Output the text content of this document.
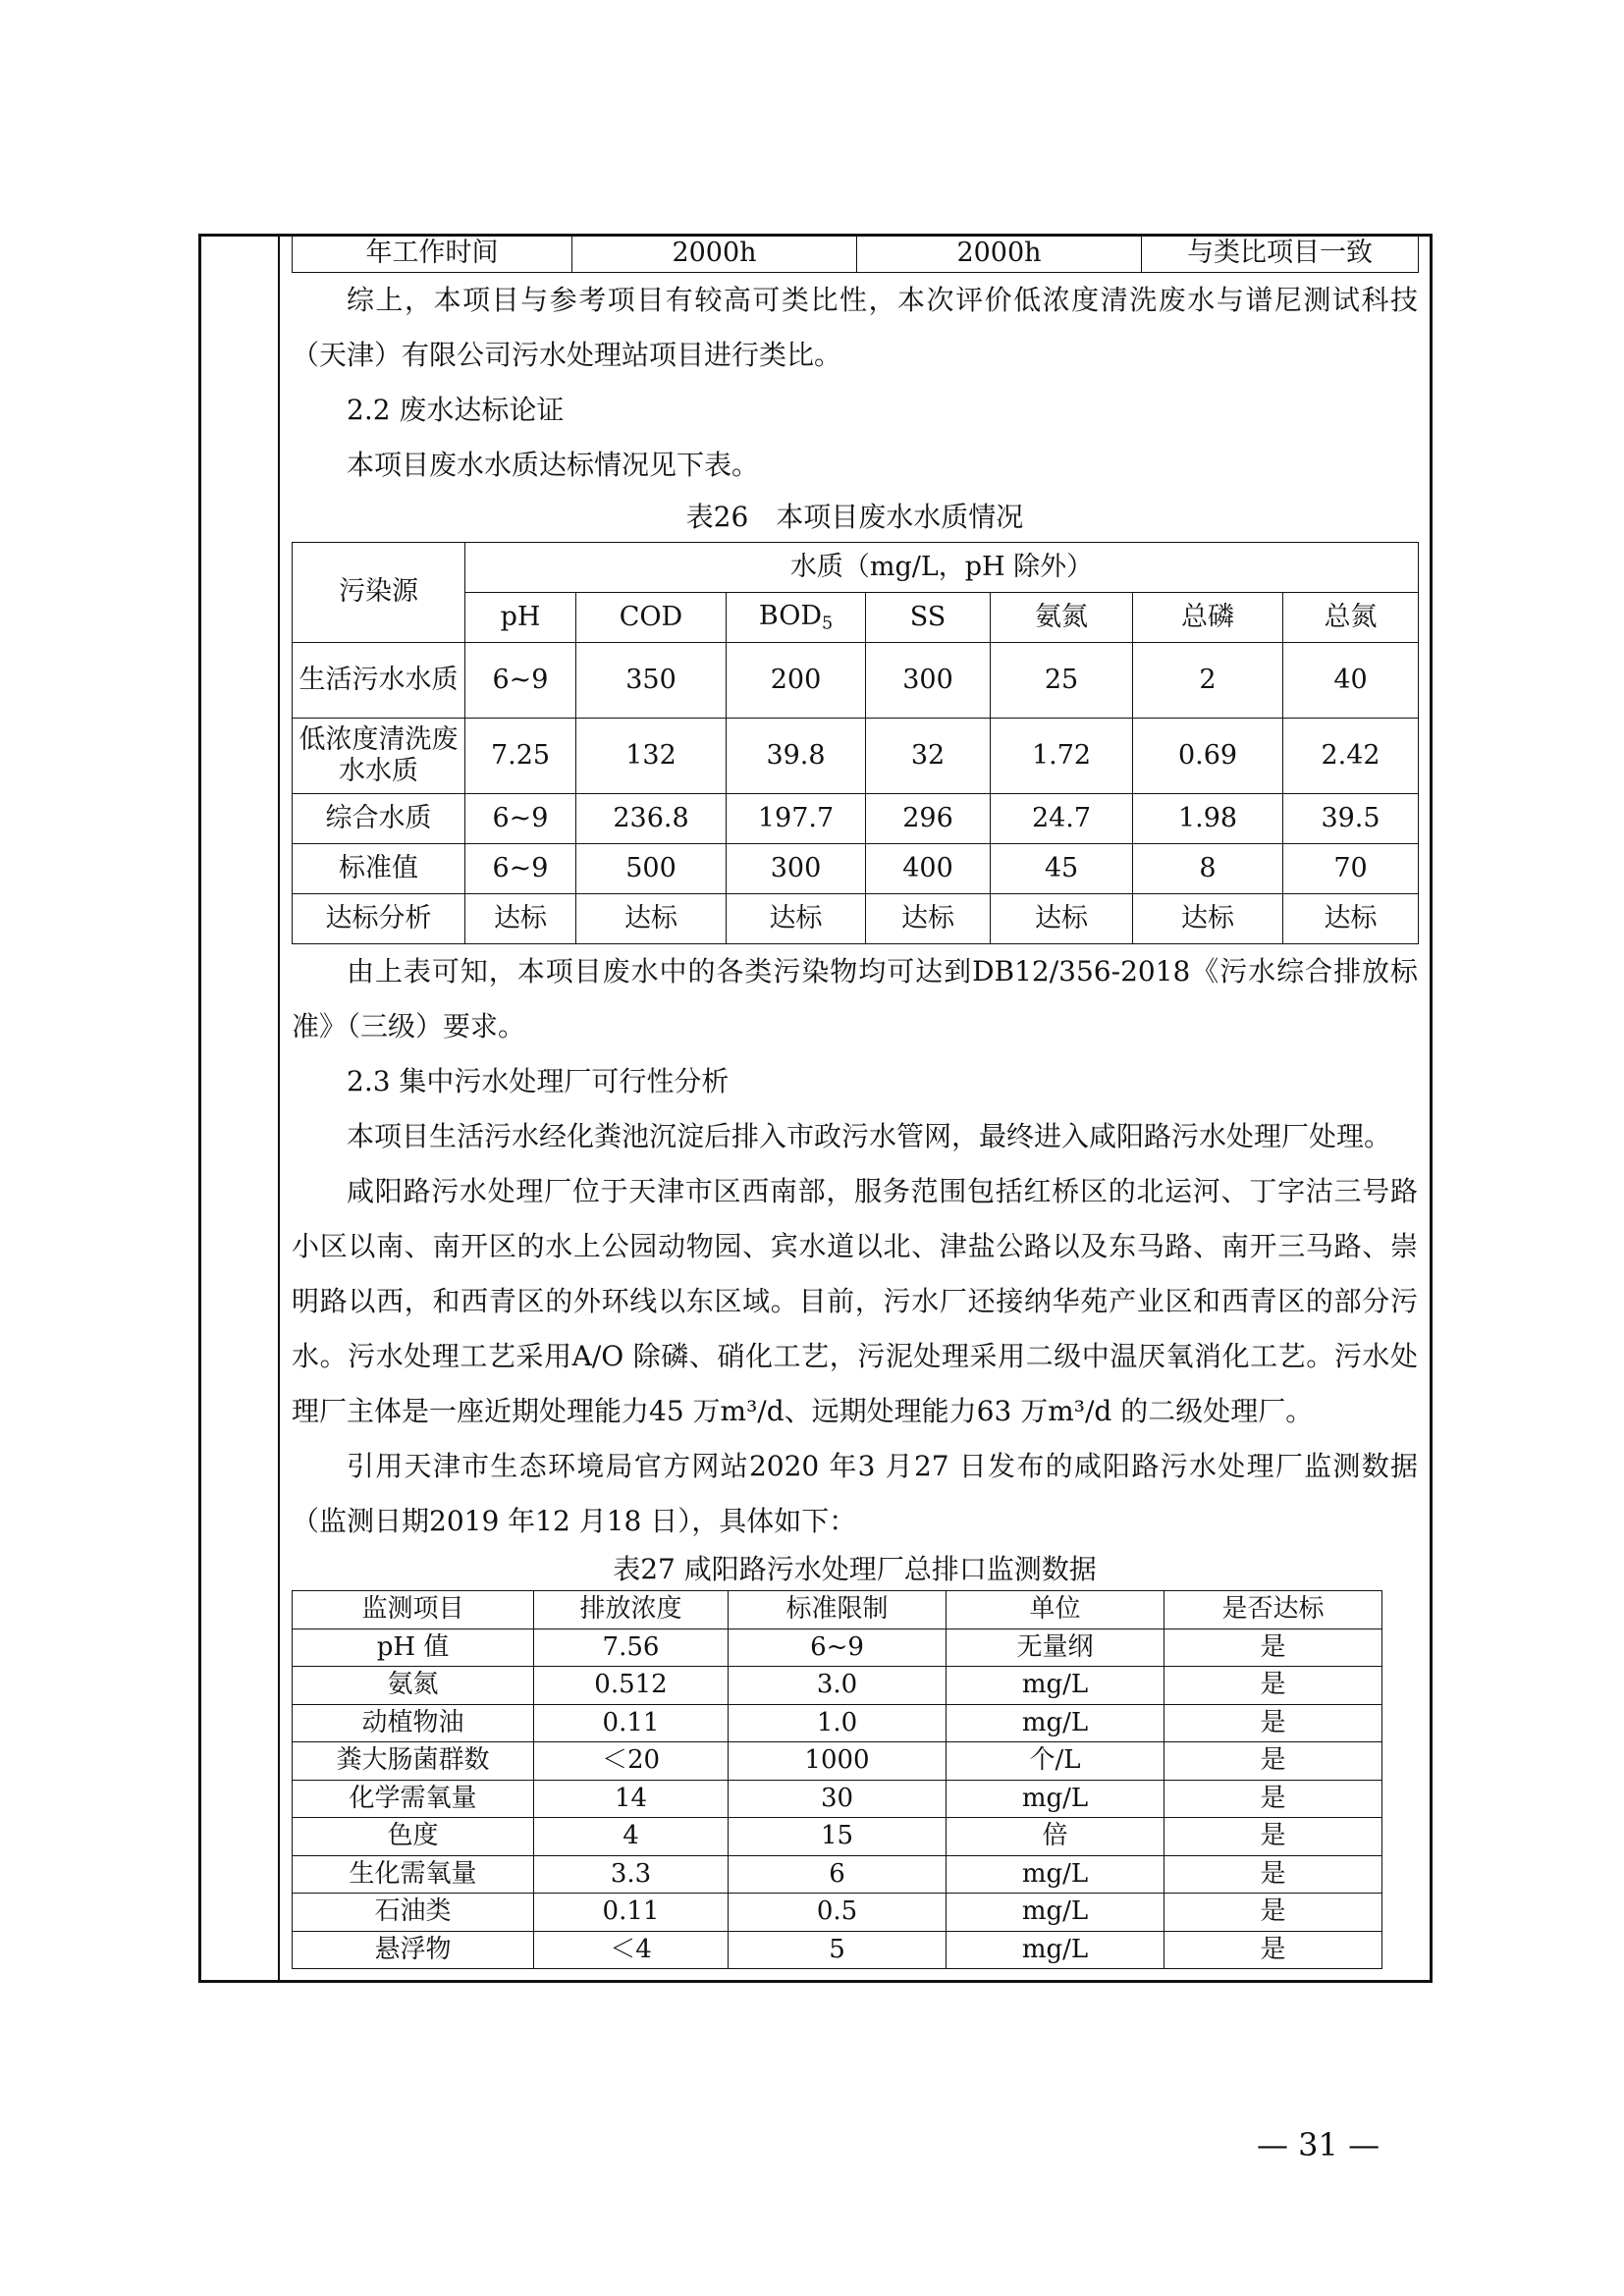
年工作时间	2000h	2000h	与类比项目一致

综上，本项目与参考项目有较高可类比性，本次评价低浓度清洗废水与谱尼测试科技（天津）有限公司污水处理站项目进行类比。

2.2 废水达标论证

本项目废水水质达标情况见下表。

表26　本项目废水水质情况

污染源	水质（mg/L，pH 除外）						
	pH	COD	$BOD_5$	SS	氨氮	总磷	总氮
生活污水水质	6~9	350	200	300	25	2	40
低浓度清洗废水水质	7.25	132	39.8	32	1.72	0.69	2.42
综合水质	6~9	236.8	197.7	296	24.7	1.98	39.5
标准值	6~9	500	300	400	45	8	70
达标分析	达标	达标	达标	达标	达标	达标	达标

由上表可知，本项目废水中的各类污染物均可达到DB12/356-2018《污水综合排放标准》（三级）要求。

2.3 集中污水处理厂可行性分析

本项目生活污水经化粪池沉淀后排入市政污水管网，最终进入咸阳路污水处理厂处理。

咸阳路污水处理厂位于天津市区西南部，服务范围包括红桥区的北运河、丁字沽三号路小区以南、南开区的水上公园动物园、宾水道以北、津盐公路以及东马路、南开三马路、崇明路以西，和西青区的外环线以东区域。目前，污水厂还接纳华苑产业区和西青区的部分污水。污水处理工艺采用A/O 除磷、硝化工艺，污泥处理采用二级中温厌氧消化工艺。污水处理厂主体是一座近期处理能力45 万m³/d、远期处理能力63 万m³/d 的二级处理厂。

引用天津市生态环境局官方网站2020 年3 月27 日发布的咸阳路污水处理厂监测数据（监测日期2019 年12 月18 日），具体如下：

表27 咸阳路污水处理厂总排口监测数据

监测项目	排放浓度	标准限制	单位	是否达标
pH 值	7.56	6~9	无量纲	是
氨氮	0.512	3.0	mg/L	是
动植物油	0.11	1.0	mg/L	是
粪大肠菌群数	＜20	1000	个/L	是
化学需氧量	14	30	mg/L	是
色度	4	15	倍	是
生化需氧量	3.3	6	mg/L	是
石油类	0.11	0.5	mg/L	是
悬浮物	＜4	5	mg/L	是
— 31 —
